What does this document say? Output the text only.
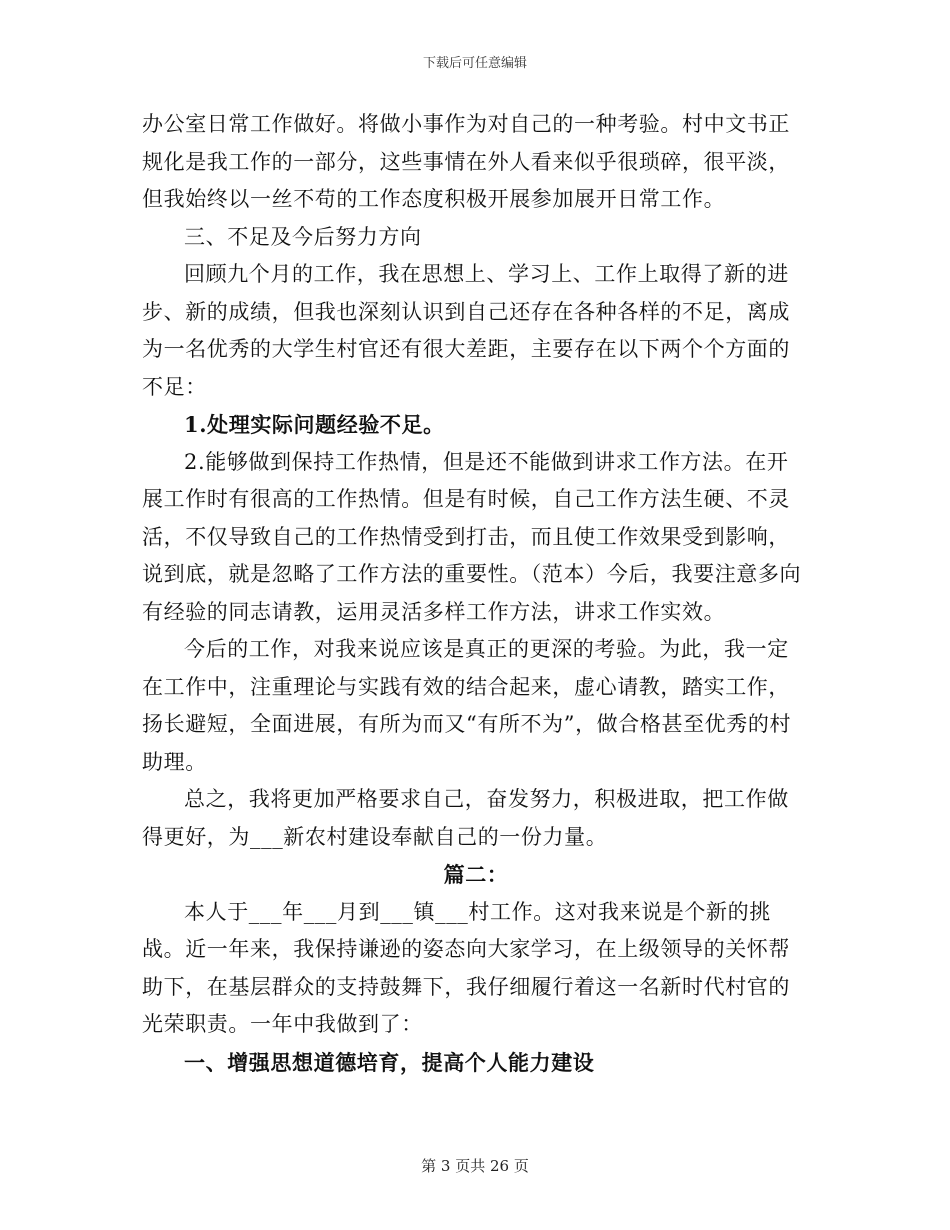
下载后可任意编辑

办公室日常工作做好。将做小事作为对自己的一种考验。村中文书正规化是我工作的一部分，这些事情在外人看来似乎很琐碎，很平淡，但我始终以一丝不苟的工作态度积极开展参加展开日常工作。

三、不足及今后努力方向

回顾九个月的工作，我在思想上、学习上、工作上取得了新的进步、新的成绩，但我也深刻认识到自己还存在各种各样的不足，离成为一名优秀的大学生村官还有很大差距，主要存在以下两个个方面的不足：

1.处理实际问题经验不足。

2.能够做到保持工作热情，但是还不能做到讲求工作方法。在开展工作时有很高的工作热情。但是有时候，自己工作方法生硬、不灵活，不仅导致自己的工作热情受到打击，而且使工作效果受到影响，说到底，就是忽略了工作方法的重要性。（范本）今后，我要注意多向有经验的同志请教，运用灵活多样工作方法，讲求工作实效。

今后的工作，对我来说应该是真正的更深的考验。为此，我一定在工作中，注重理论与实践有效的结合起来，虚心请教，踏实工作，扬长避短，全面进展，有所为而又“有所不为”，做合格甚至优秀的村助理。

总之，我将更加严格要求自己，奋发努力，积极进取，把工作做得更好，为___新农村建设奉献自己的一份力量。

篇二：

本人于___年___月到___镇___村工作。这对我来说是个新的挑战。近一年来，我保持谦逊的姿态向大家学习，在上级领导的关怀帮助下，在基层群众的支持鼓舞下，我仔细履行着这一名新时代村官的光荣职责。一年中我做到了：

一、增强思想道德培育，提高个人能力建设

第 3 页共 26 页
